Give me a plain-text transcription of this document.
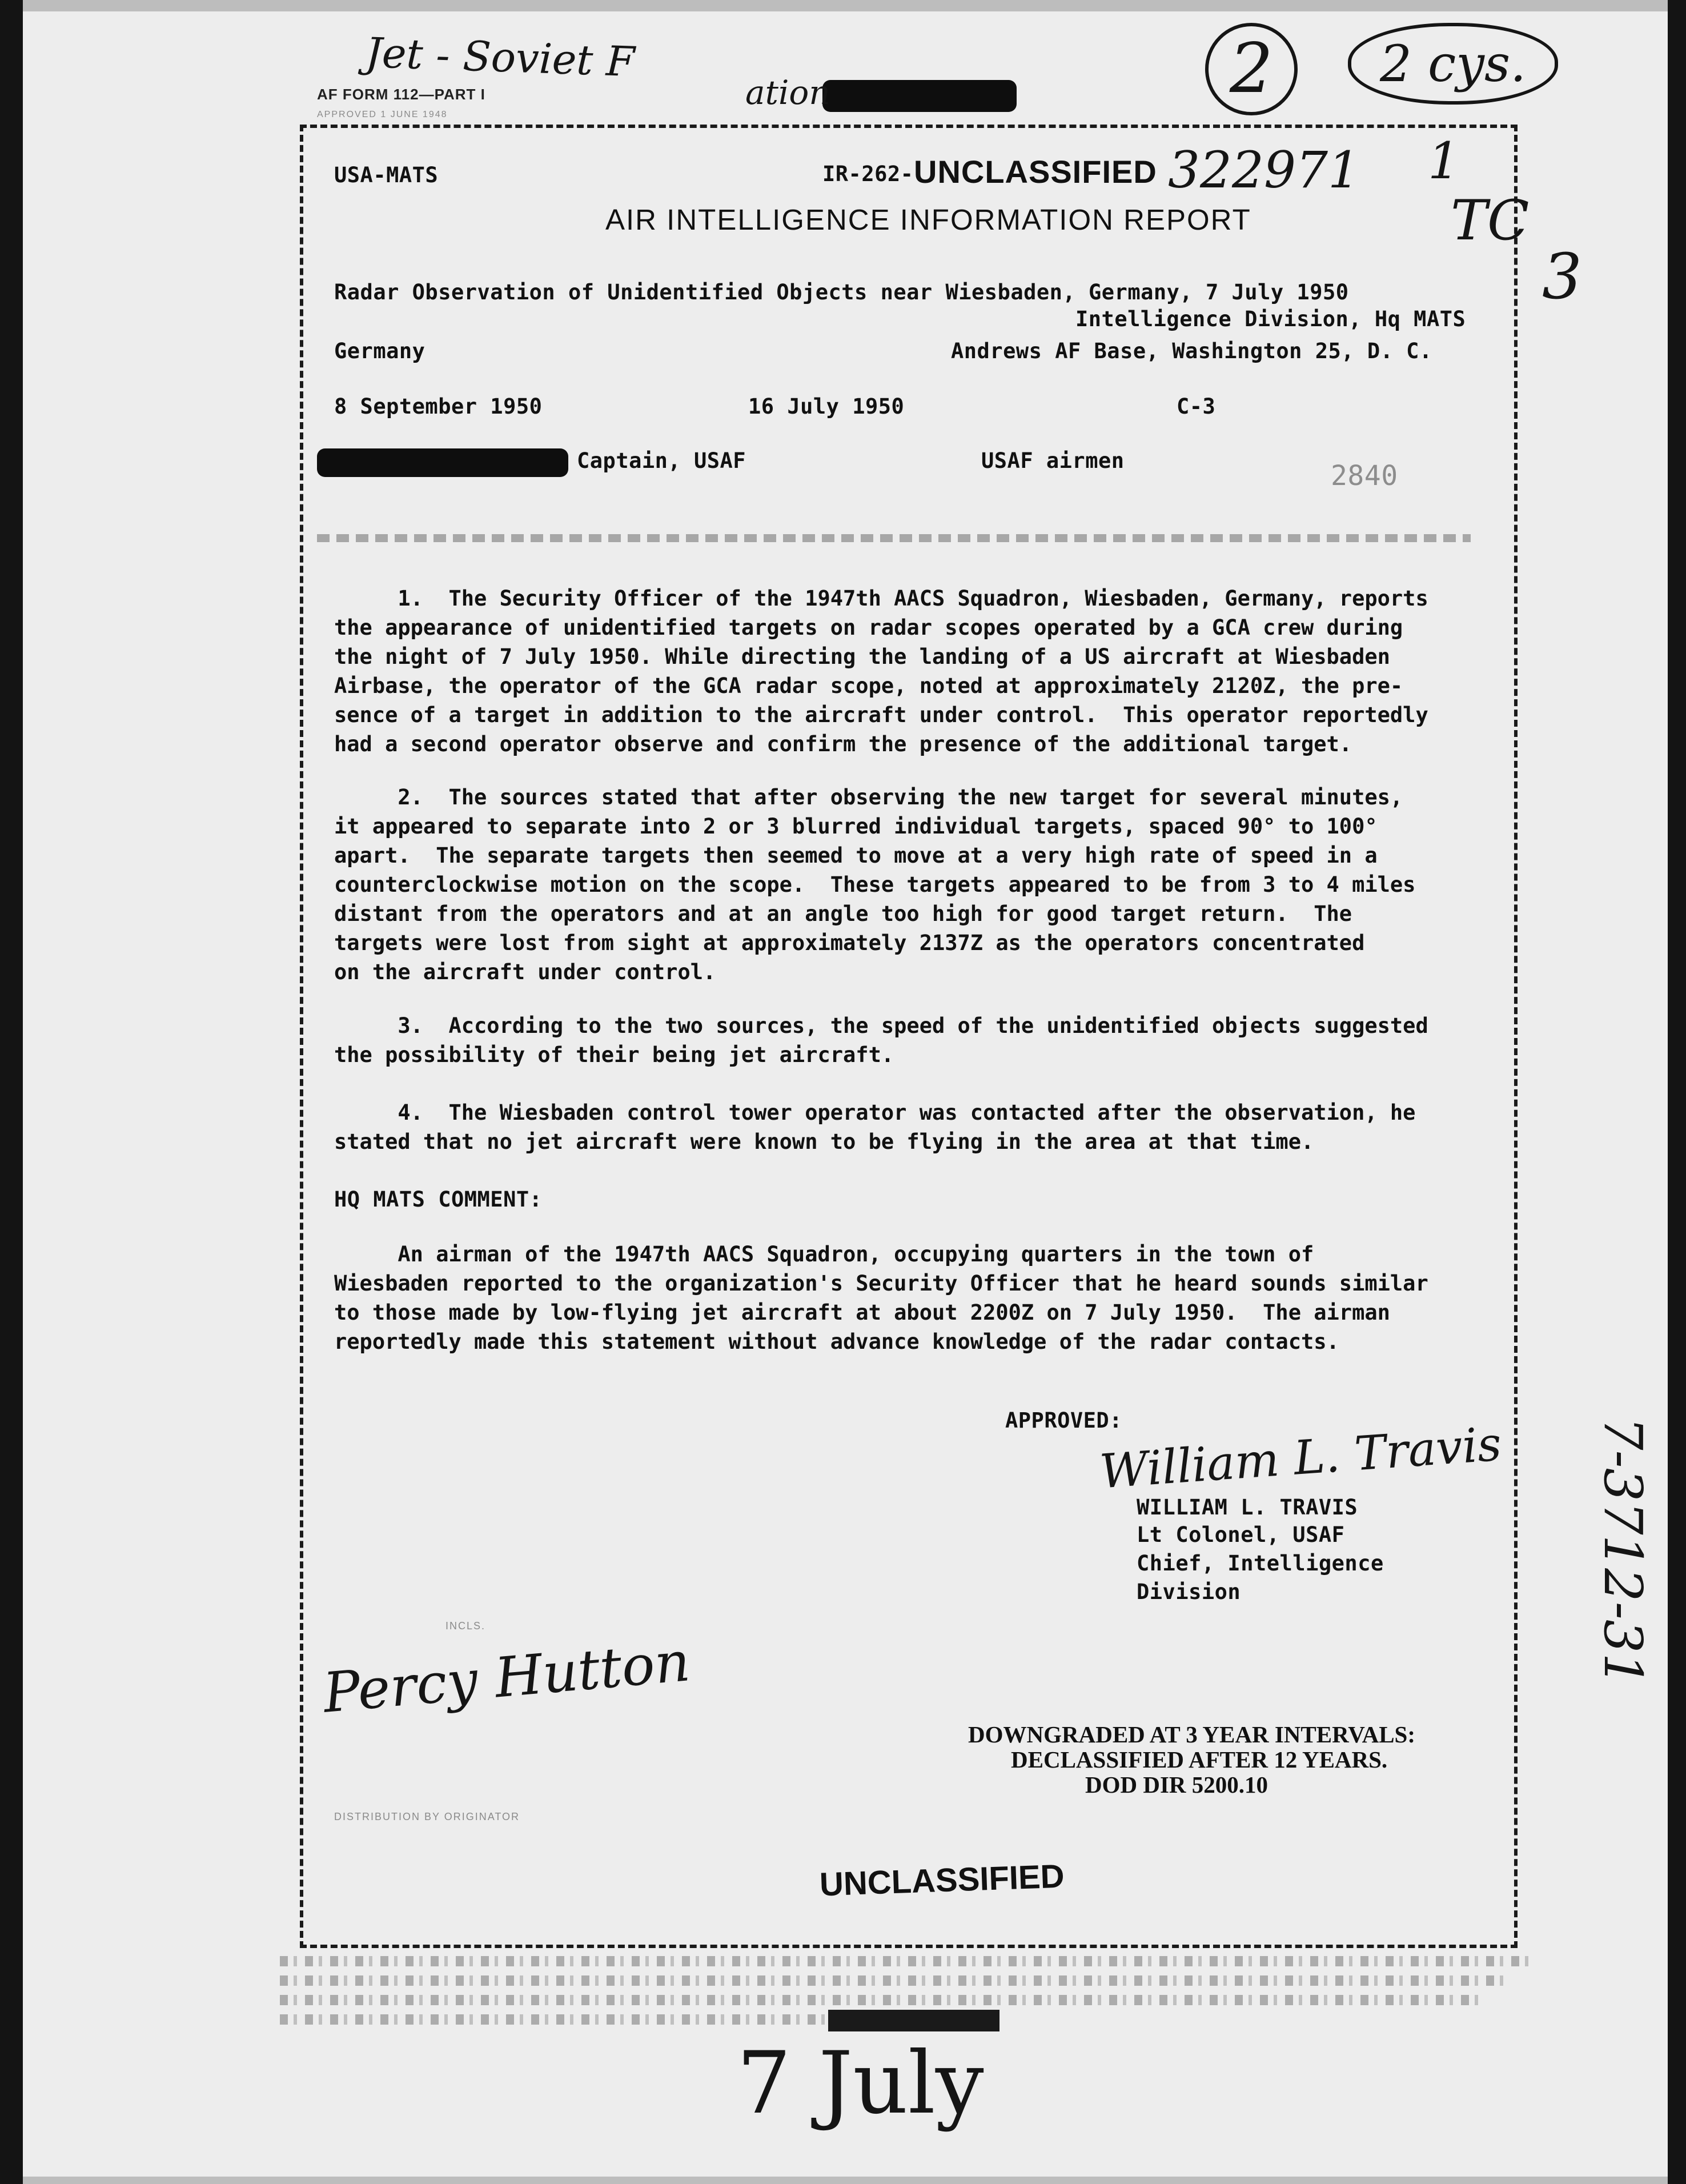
Jet - Soviet F
ation	2	2 cys.
AF FORM 112—PART I
APPROVED 1 JUNE 1948
USA-MATS	IR-262- UNCLASSIFIED 322971 1
TC
3
AIR INTELLIGENCE INFORMATION REPORT
Radar Observation of Unidentified Objects near Wiesbaden, Germany, 7 July 1950
Intelligence Division, Hq MATS
Germany	Andrews AF Base, Washington 25, D. C.
8 September 1950	16 July 1950	C-3
Captain, USAF	USAF airmen	2840
1.  The Security Officer of the 1947th AACS Squadron, Wiesbaden, Germany, reports
the appearance of unidentified targets on radar scopes operated by a GCA crew during
the night of 7 July 1950. While directing the landing of a US aircraft at Wiesbaden
Airbase, the operator of the GCA radar scope, noted at approximately 2120Z, the pre-
sence of a target in addition to the aircraft under control.  This operator reportedly
had a second operator observe and confirm the presence of the additional target.
2.  The sources stated that after observing the new target for several minutes,
it appeared to separate into 2 or 3 blurred individual targets, spaced 90° to 100°
apart.  The separate targets then seemed to move at a very high rate of speed in a
counterclockwise motion on the scope.  These targets appeared to be from 3 to 4 miles
distant from the operators and at an angle too high for good target return.  The
targets were lost from sight at approximately 2137Z as the operators concentrated
on the aircraft under control.
3.  According to the two sources, the speed of the unidentified objects suggested
the possibility of their being jet aircraft.
4.  The Wiesbaden control tower operator was contacted after the observation, he
stated that no jet aircraft were known to be flying in the area at that time.
HQ MATS COMMENT:
An airman of the 1947th AACS Squadron, occupying quarters in the town of
Wiesbaden reported to the organization's Security Officer that he heard sounds similar
to those made by low-flying jet aircraft at about 2200Z on 7 July 1950.  The airman
reportedly made this statement without advance knowledge of the radar contacts.
APPROVED:
William L. Travis
WILLIAM L. TRAVIS
Lt Colonel, USAF
Chief, Intelligence
Division	7-3712-31
INCLS.
Percy Hutton
DISTRIBUTION BY ORIGINATOR
DOWNGRADED AT 3 YEAR INTERVALS:
DECLASSIFIED AFTER 12 YEARS.
DOD DIR 5200.10
UNCLASSIFIED
7 July
